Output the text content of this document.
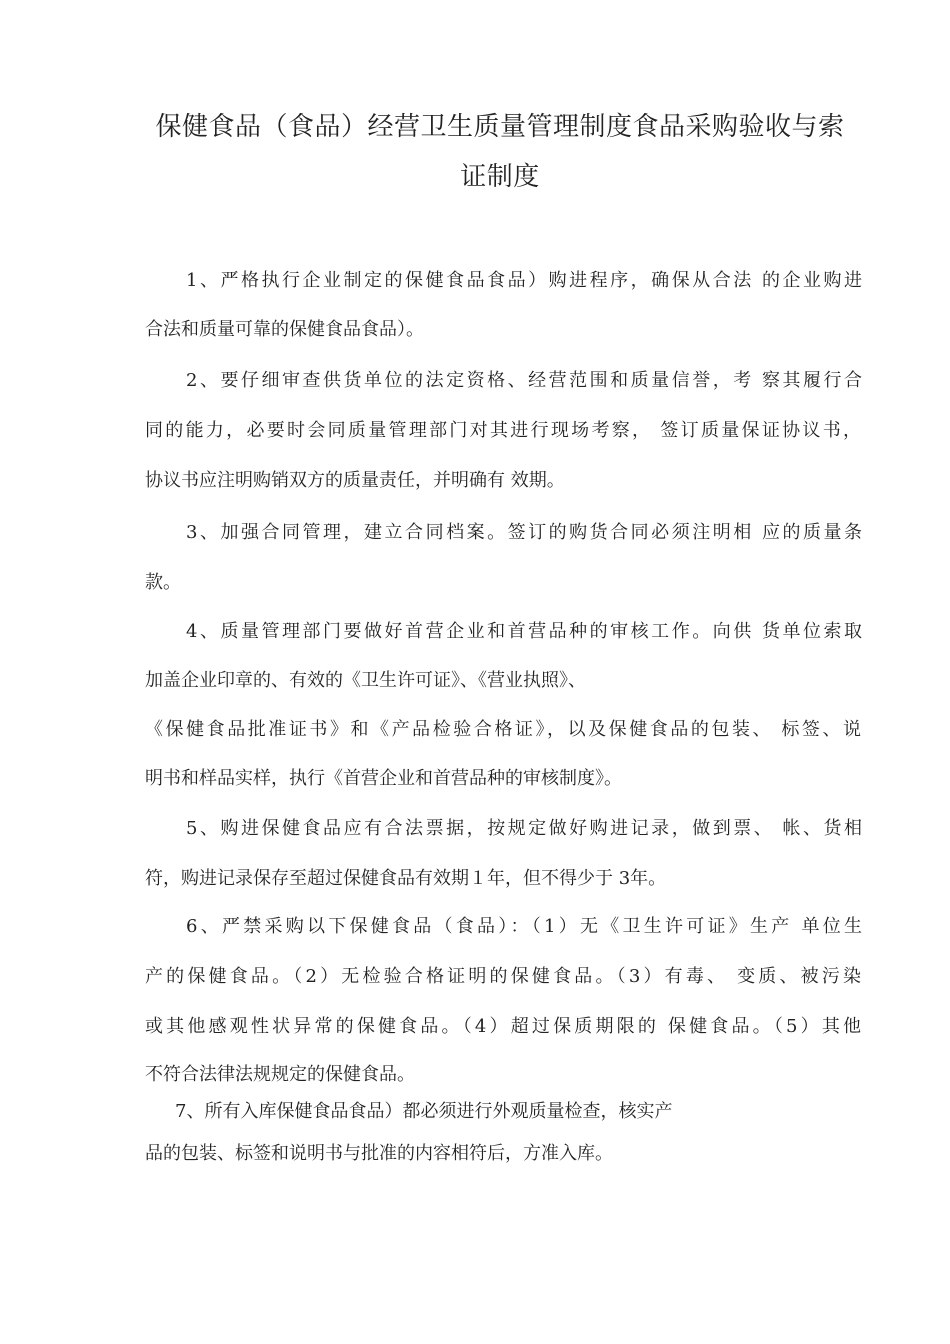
保健食品（食品）经营卫生质量管理制度食品采购验收与索
证制度

1、严格执行企业制定的保健食品食品）购进程序，确保从合法 的企业购进

合法和质量可靠的保健食品食品）。

2、要仔细审查供货单位的法定资格、经营范围和质量信誉，考 察其履行合

同的能力，必要时会同质量管理部门对其进行现场考察， 签订质量保证协议书，

协议书应注明购销双方的质量责任，并明确有 效期。

3、加强合同管理，建立合同档案。签订的购货合同必须注明相 应的质量条

款。

4、质量管理部门要做好首营企业和首营品种的审核工作。向供 货单位索取

加盖企业印章的、有效的《卫生许可证》、《营业执照》、

《保健食品批准证书》和《产品检验合格证》，以及保健食品的包装、 标签、说

明书和样品实样，执行《首营企业和首营品种的审核制度》。

5、购进保健食品应有合法票据，按规定做好购进记录，做到票、 帐、货相

符，购进记录保存至超过保健食品有效期１年，但不得少于 3年。

6、严禁采购以下保健食品（食品）：（1）无《卫生许可证》生产 单位生

产的保健食品。（2）无检验合格证明的保健食品。（3）有毒、 变质、被污染

或其他感观性状异常的保健食品。（4）超过保质期限的 保健食品。（5）其他

不符合法律法规规定的保健食品。

7、所有入库保健食品食品）都必须进行外观质量检查，核实产

品的包装、标签和说明书与批准的内容相符后，方准入库。
